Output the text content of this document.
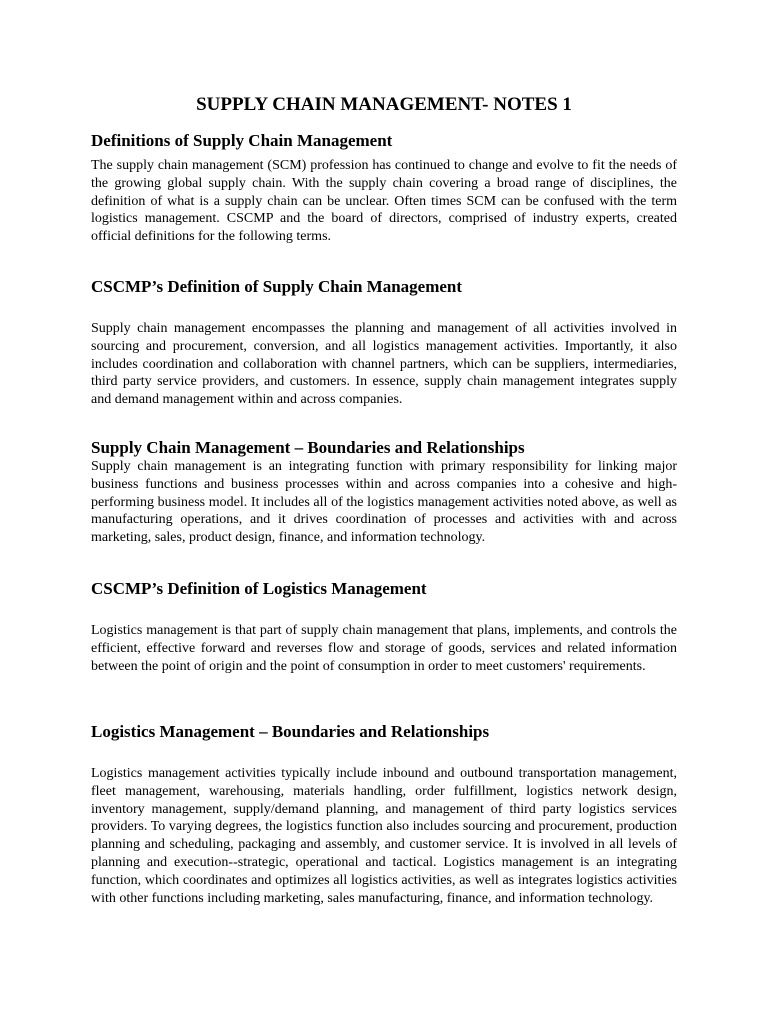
SUPPLY CHAIN MANAGEMENT- NOTES 1
Definitions of Supply Chain Management

The supply chain management (SCM) profession has continued to change and evolve to fit the needs of the growing global supply chain. With the supply chain covering a broad range of disciplines, the definition of what is a supply chain can be unclear. Often times SCM can be confused with the term logistics management. CSCMP and the board of directors, comprised of industry experts, created official definitions for the following terms.

CSCMP’s Definition of Supply Chain Management

Supply chain management encompasses the planning and management of all activities involved in sourcing and procurement, conversion, and all logistics management activities. Importantly, it also includes coordination and collaboration with channel partners, which can be suppliers, intermediaries, third party service providers, and customers. In essence, supply chain management integrates supply and demand management within and across companies.

Supply Chain Management – Boundaries and Relationships

Supply chain management is an integrating function with primary responsibility for linking major business functions and business processes within and across companies into a cohesive and high-performing business model. It includes all of the logistics management activities noted above, as well as manufacturing operations, and it drives coordination of processes and activities with and across marketing, sales, product design, finance, and information technology.

CSCMP’s Definition of Logistics Management

Logistics management is that part of supply chain management that plans, implements, and controls the efficient, effective forward and reverses flow and storage of goods, services and related information between the point of origin and the point of consumption in order to meet customers' requirements.

Logistics Management – Boundaries and Relationships

Logistics management activities typically include inbound and outbound transportation management, fleet management, warehousing, materials handling, order fulfillment, logistics network design, inventory management, supply/demand planning, and management of third party logistics services providers. To varying degrees, the logistics function also includes sourcing and procurement, production planning and scheduling, packaging and assembly, and customer service. It is involved in all levels of planning and execution--strategic, operational and tactical. Logistics management is an integrating function, which coordinates and optimizes all logistics activities, as well as integrates logistics activities with other functions including marketing, sales manufacturing, finance, and information technology.
